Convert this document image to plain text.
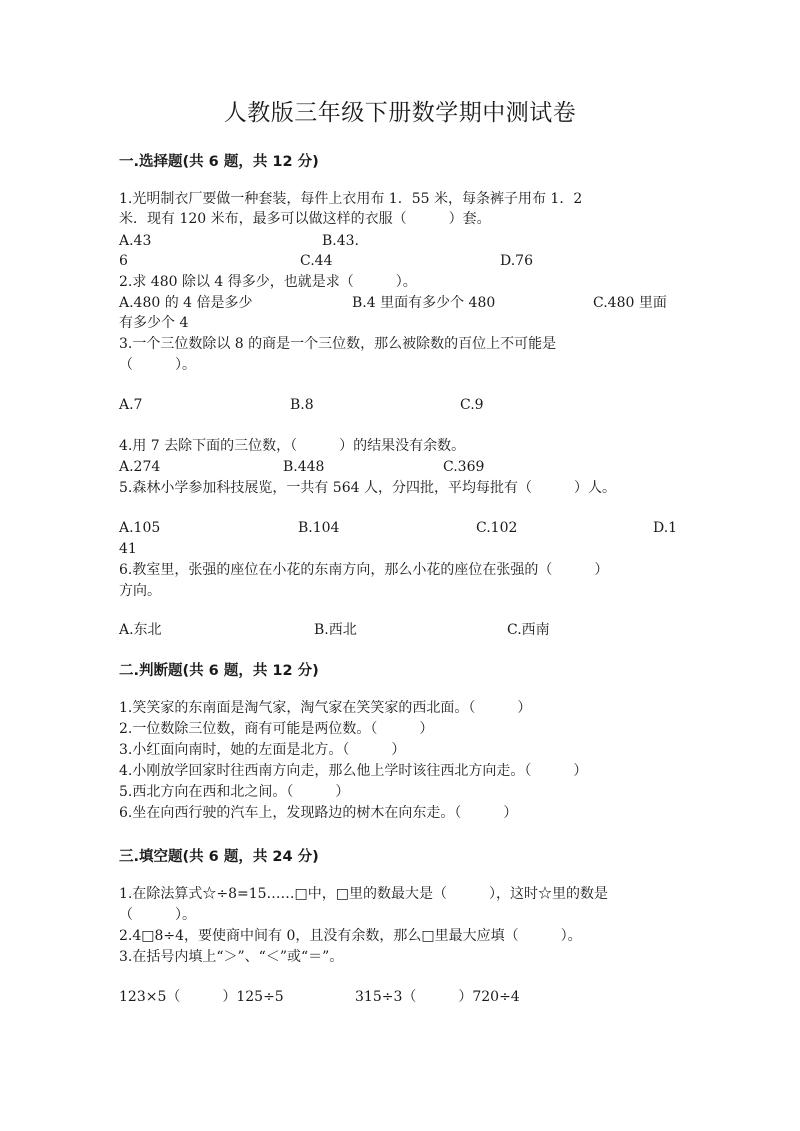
人教版三年级下册数学期中测试卷
一.选择题(共 6 题，共 12 分)
1.光明制衣厂要做一种套装，每件上衣用布 1．55 米，每条裤子用布 1．2
米．现有 120 米布，最多可以做这样的衣服（　　　）套。
A.43	B.43.
6	C.44	D.76
2.求 480 除以 4 得多少，也就是求（　　　）。
A.480 的 4 倍是多少	B.4 里面有多少个 480	C.480 里面
有多少个 4
3.一个三位数除以 8 的商是一个三位数，那么被除数的百位上不可能是
（　　　）。
A.7	B.8	C.9
4.用 7 去除下面的三位数，（　　　）的结果没有余数。
A.274	B.448	C.369
5.森林小学参加科技展览，一共有 564 人，分四批，平均每批有（　　　）人。
A.105	B.104	C.102	D.1
41
6.教室里，张强的座位在小花的东南方向，那么小花的座位在张强的（　　　）
方向。
A.东北	B.西北	C.西南
二.判断题(共 6 题，共 12 分)
1.笑笑家的东南面是淘气家，淘气家在笑笑家的西北面。（　　　）
2.一位数除三位数，商有可能是两位数。（　　　）
3.小红面向南时，她的左面是北方。（　　　）
4.小刚放学回家时往西南方向走，那么他上学时该往西北方向走。（　　　）
5.西北方向在西和北之间。（　　　）
6.坐在向西行驶的汽车上，发现路边的树木在向东走。（　　　）
三.填空题(共 6 题，共 24 分)
1.在除法算式☆÷8=15……□中，□里的数最大是（　　　），这时☆里的数是
（　　　）。
2.4□8÷4，要使商中间有 0，且没有余数，那么□里最大应填（　　　）。
3.在括号内填上“＞”、“＜”或“＝”。
123×5（　　　）125÷5	315÷3（　　　）720÷4
